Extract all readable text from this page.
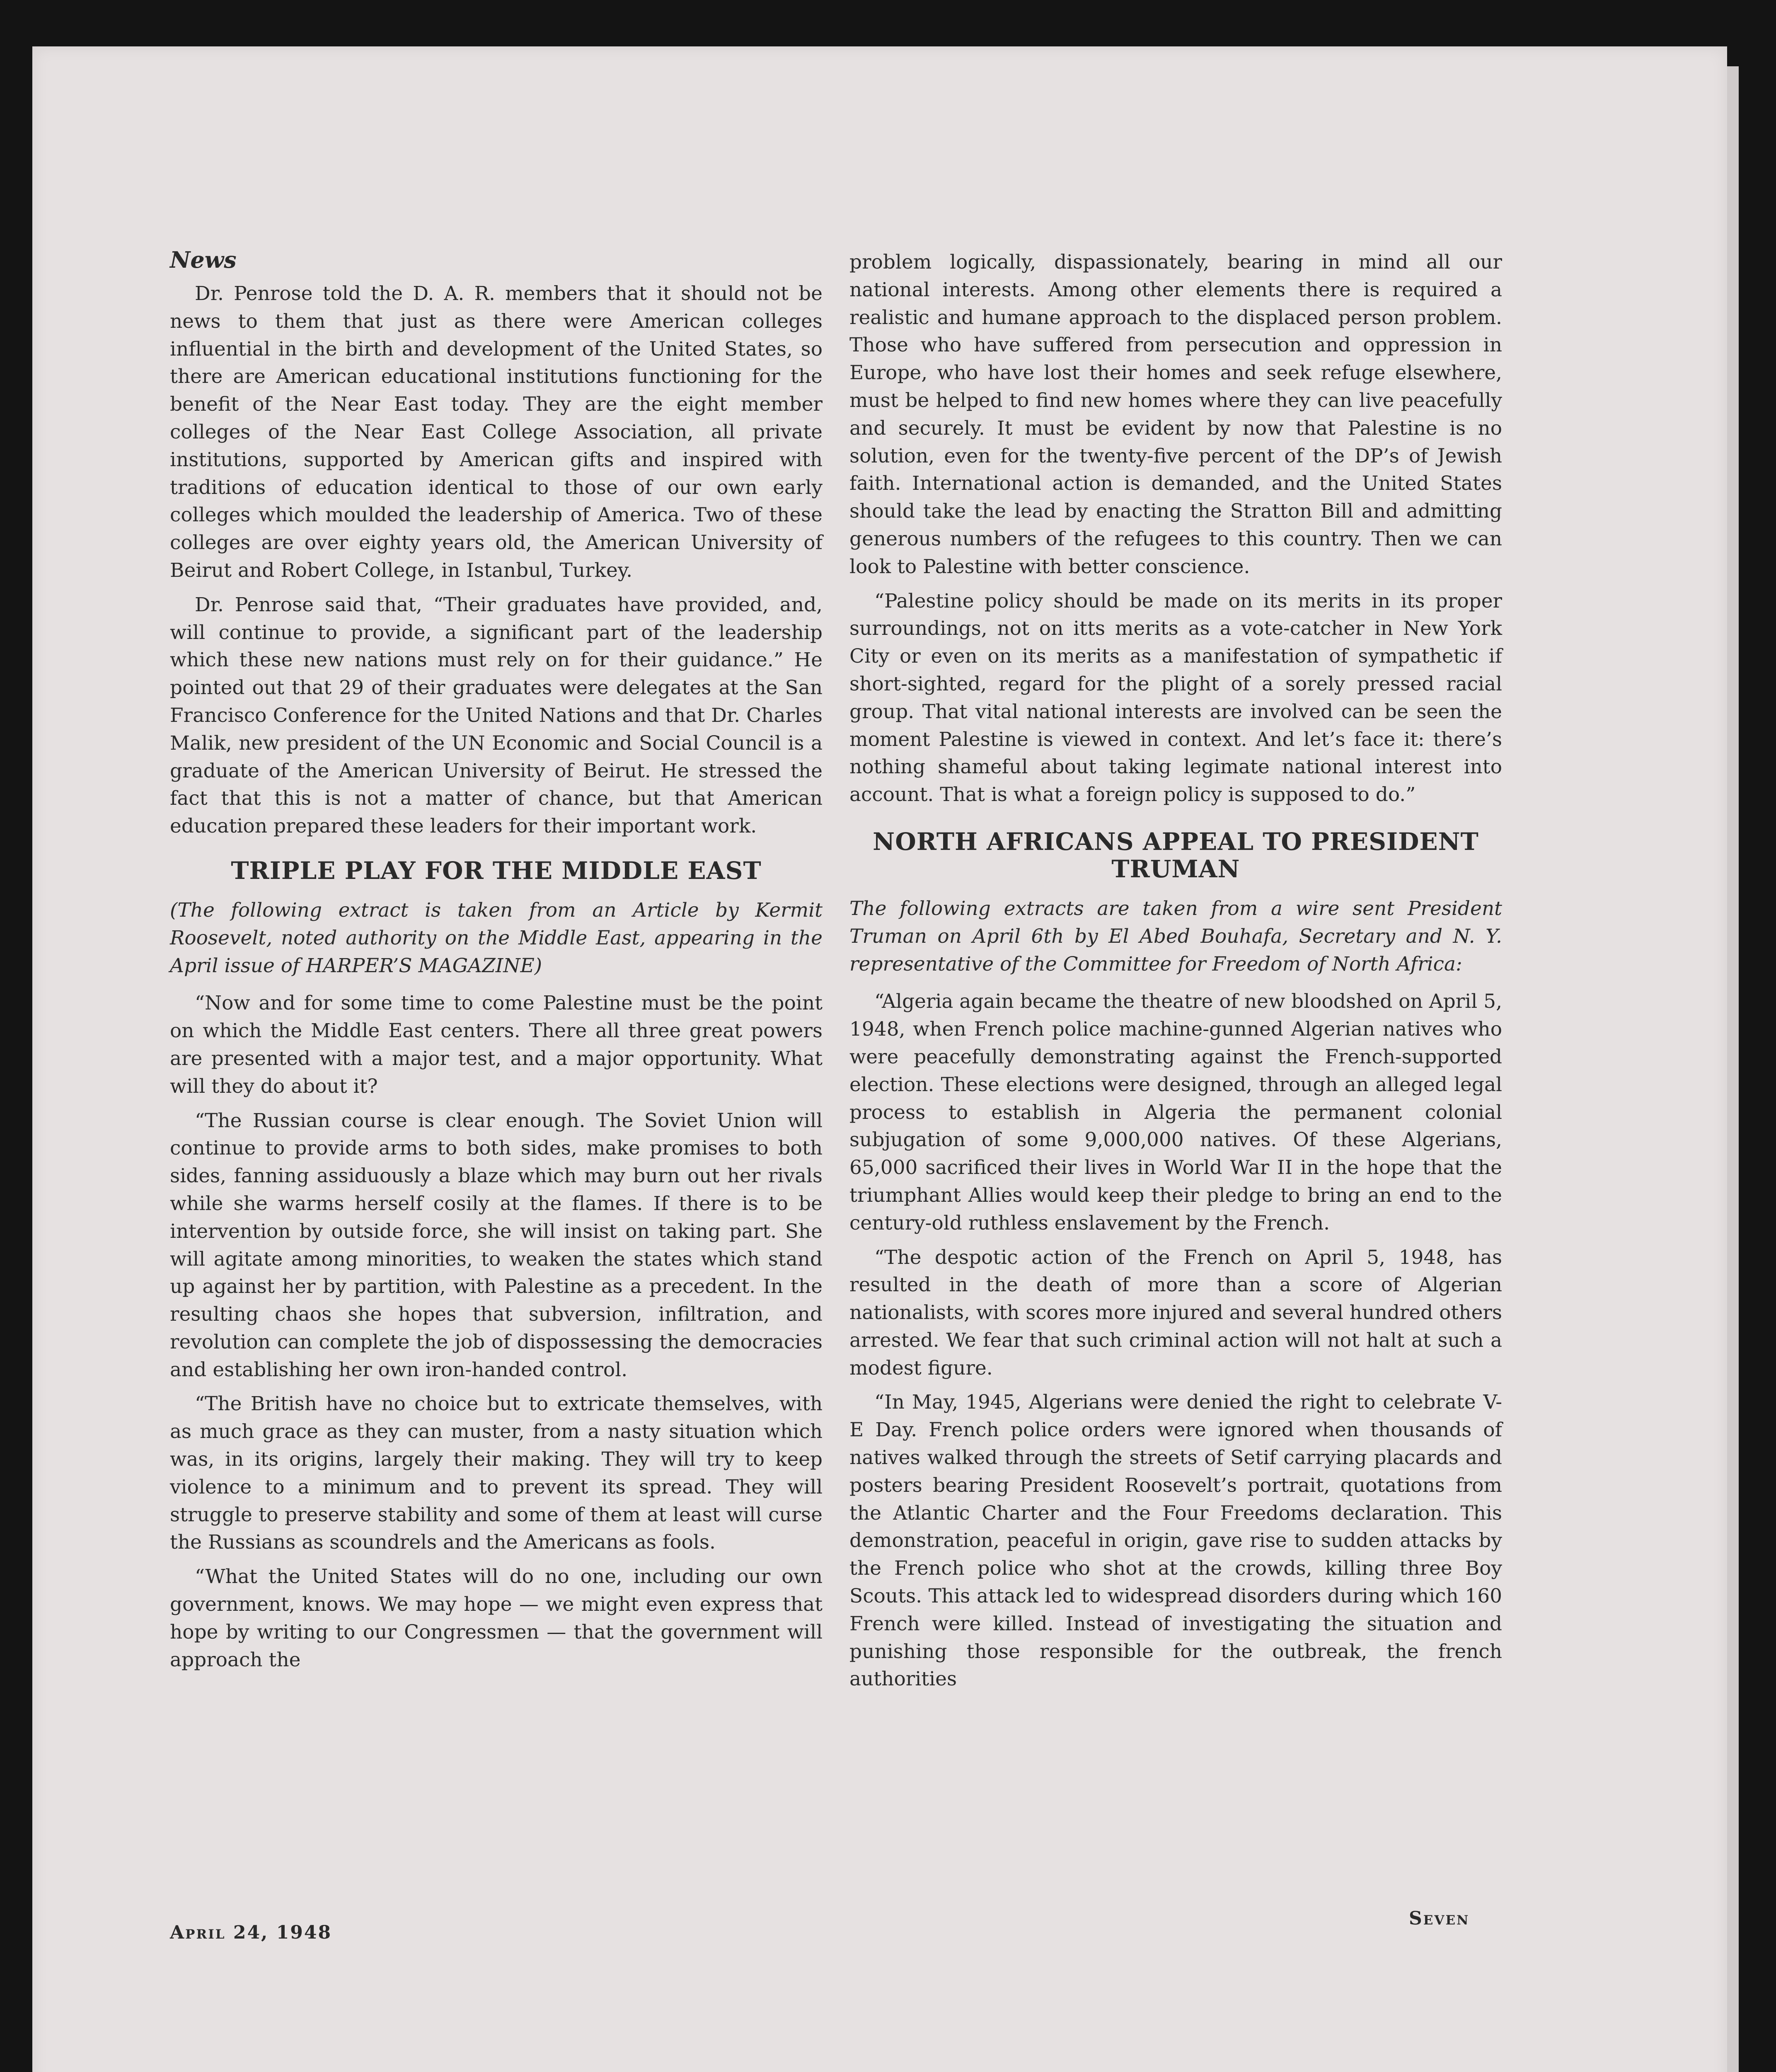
News

Dr. Penrose told the D. A. R. members that it should not be news to them that just as there were American colleges influential in the birth and development of the United States, so there are American educational institutions functioning for the benefit of the Near East today. They are the eight member colleges of the Near East College Association, all private institutions, supported by American gifts and inspired with traditions of education identical to those of our own early colleges which moulded the leadership of America. Two of these colleges are over eighty years old, the American University of Beirut and Robert College, in Istanbul, Turkey.

Dr. Penrose said that, “Their graduates have provided, and, will continue to provide, a significant part of the leadership which these new nations must rely on for their guidance.” He pointed out that 29 of their graduates were delegates at the San Francisco Conference for the United Nations and that Dr. Charles Malik, new president of the UN Economic and Social Council is a graduate of the American University of Beirut. He stressed the fact that this is not a matter of chance, but that American education prepared these leaders for their important work.

TRIPLE PLAY FOR THE MIDDLE EAST

(The following extract is taken from an Article by Kermit Roosevelt, noted authority on the Middle East, appearing in the April issue of HARPER’S MAGAZINE)

“Now and for some time to come Palestine must be the point on which the Middle East centers. There all three great powers are presented with a major test, and a major opportunity. What will they do about it?

“The Russian course is clear enough. The Soviet Union will continue to provide arms to both sides, make promises to both sides, fanning assiduously a blaze which may burn out her rivals while she warms herself cosily at the flames. If there is to be intervention by outside force, she will insist on taking part. She will agitate among minorities, to weaken the states which stand up against her by partition, with Palestine as a precedent. In the resulting chaos she hopes that subversion, infiltration, and revolution can complete the job of dispossessing the democracies and establishing her own iron-handed control.

“The British have no choice but to extricate themselves, with as much grace as they can muster, from a nasty situation which was, in its origins, largely their making. They will try to keep violence to a minimum and to prevent its spread. They will struggle to preserve stability and some of them at least will curse the Russians as scoundrels and the Americans as fools.

“What the United States will do no one, including our own government, knows. We may hope — we might even express that hope by writing to our Congressmen — that the government will approach the

problem logically, dispassionately, bearing in mind all our national interests. Among other elements there is required a realistic and humane approach to the displaced person problem. Those who have suffered from persecution and oppression in Europe, who have lost their homes and seek refuge elsewhere, must be helped to find new homes where they can live peacefully and securely. It must be evident by now that Palestine is no solution, even for the twenty-five percent of the DP’s of Jewish faith. International action is demanded, and the United States should take the lead by enacting the Stratton Bill and admitting generous numbers of the refugees to this country. Then we can look to Palestine with better conscience.

“Palestine policy should be made on its merits in its proper surroundings, not on itts merits as a vote-catcher in New York City or even on its merits as a manifestation of sympathetic if short-sighted, regard for the plight of a sorely pressed racial group. That vital national interests are involved can be seen the moment Palestine is viewed in context. And let’s face it: there’s nothing shameful about taking legimate national interest into account. That is what a foreign policy is supposed to do.”

NORTH AFRICANS APPEAL TO PRESIDENT TRUMAN

The following extracts are taken from a wire sent President Truman on April 6th by El Abed Bouhafa, Secretary and N. Y. representative of the Committee for Freedom of North Africa:

“Algeria again became the theatre of new bloodshed on April 5, 1948, when French police machine-gunned Algerian natives who were peacefully demonstrating against the French-supported election. These elections were designed, through an alleged legal process to establish in Algeria the permanent colonial subjugation of some 9,000,000 natives. Of these Algerians, 65,000 sacrificed their lives in World War II in the hope that the triumphant Allies would keep their pledge to bring an end to the century-old ruthless enslavement by the French.

“The despotic action of the French on April 5, 1948, has resulted in the death of more than a score of Algerian nationalists, with scores more injured and several hundred others arrested. We fear that such criminal action will not halt at such a modest figure.

“In May, 1945, Algerians were denied the right to celebrate V-E Day. French police orders were ignored when thousands of natives walked through the streets of Setif carrying placards and posters bearing President Roosevelt’s portrait, quotations from the Atlantic Charter and the Four Freedoms declaration. This demonstration, peaceful in origin, gave rise to sudden attacks by the French police who shot at the crowds, killing three Boy Scouts. This attack led to widespread disorders during which 160 French were killed. Instead of investigating the situation and punishing those responsible for the outbreak, the french authorities

April 24, 1948
Seven
